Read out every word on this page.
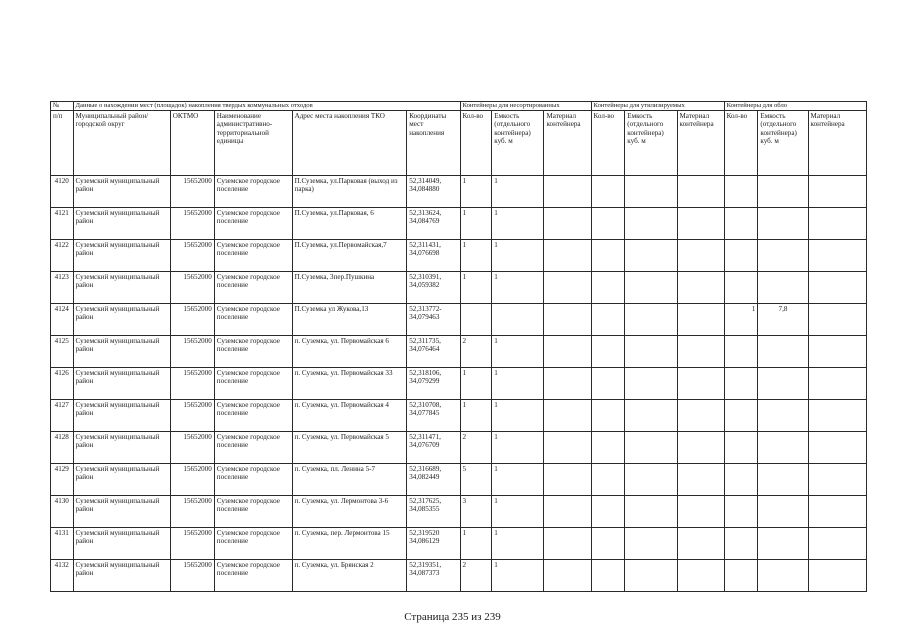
№	Данные о нахождении мест (площадок) накопления твердых коммунальных отходов					Контейнеры для несортированных			Контейнеры для утилизируемых			Контейнеры для обло		
п/п	Муниципальный район/городской округ	ОКТМО	Наименование административно-территориальной единицы	Адрес места накопления ТКО	Координаты мест накопления	Кол-во	Емкость (отдельного контейнера) куб. м	Материал контейнера	Кол-во	Емкость (отдельного контейнера) куб. м	Материал контейнера	Кол-во	Емкость (отдельного контейнера) куб. м	Материал контейнера
4120	Суземский муниципальный район	15652000	Суземское городское поселение	П.Суземка, ул.Парковая (выход из парка)	52,314049, 34,084880	1	1							
4121	Суземский муниципальный район	15652000	Суземское городское поселение	П.Суземка, ул.Парковая, 6	52,313624, 34,084769	1	1							
4122	Суземский муниципальный район	15652000	Суземское городское поселение	П.Суземка, ул.Первомайская,7	52,311431, 34,076698	1	1							
4123	Суземский муниципальный район	15652000	Суземское городское поселение	П.Суземка, 3пер.Пушкина	52,310391, 34,059382	1	1							
4124	Суземский муниципальный район	15652000	Суземское городское поселение	П.Суземка ул Жукова,13	52,313772- 34,079463							1	7,8	
4125	Суземский муниципальный район	15652000	Суземское городское поселение	п. Суземка, ул. Первомайская 6	52,311735, 34,076464	2	1							
4126	Суземский муниципальный район	15652000	Суземское городское поселение	п. Суземка, ул. Первомайская 33	52,318106, 34,079299	1	1							
4127	Суземский муниципальный район	15652000	Суземское городское поселение	п. Суземка, ул. Первомайская 4	52,310708, 34,077845	1	1							
4128	Суземский муниципальный район	15652000	Суземское городское поселение	п. Суземка, ул. Первомайская 5	52,311471, 34,076709	2	1							
4129	Суземский муниципальный район	15652000	Суземское городское поселение	п. Суземка, пл. Ленина 5-7	52,316689, 34,082449	5	1							
4130	Суземский муниципальный район	15652000	Суземское городское поселение	п. Суземка, ул. Лермонтова 3-6	52,317625, 34,085355	3	1							
4131	Суземский муниципальный район	15652000	Суземское городское поселение	п. Суземка, пер. Лермонтова 15	52,319520 34,086129	1	1							
4132	Суземский муниципальный район	15652000	Суземское городское поселение	п. Суземка, ул. Брянская 2	52,319351, 34,087373	2	1							
Страница 235 из 239
